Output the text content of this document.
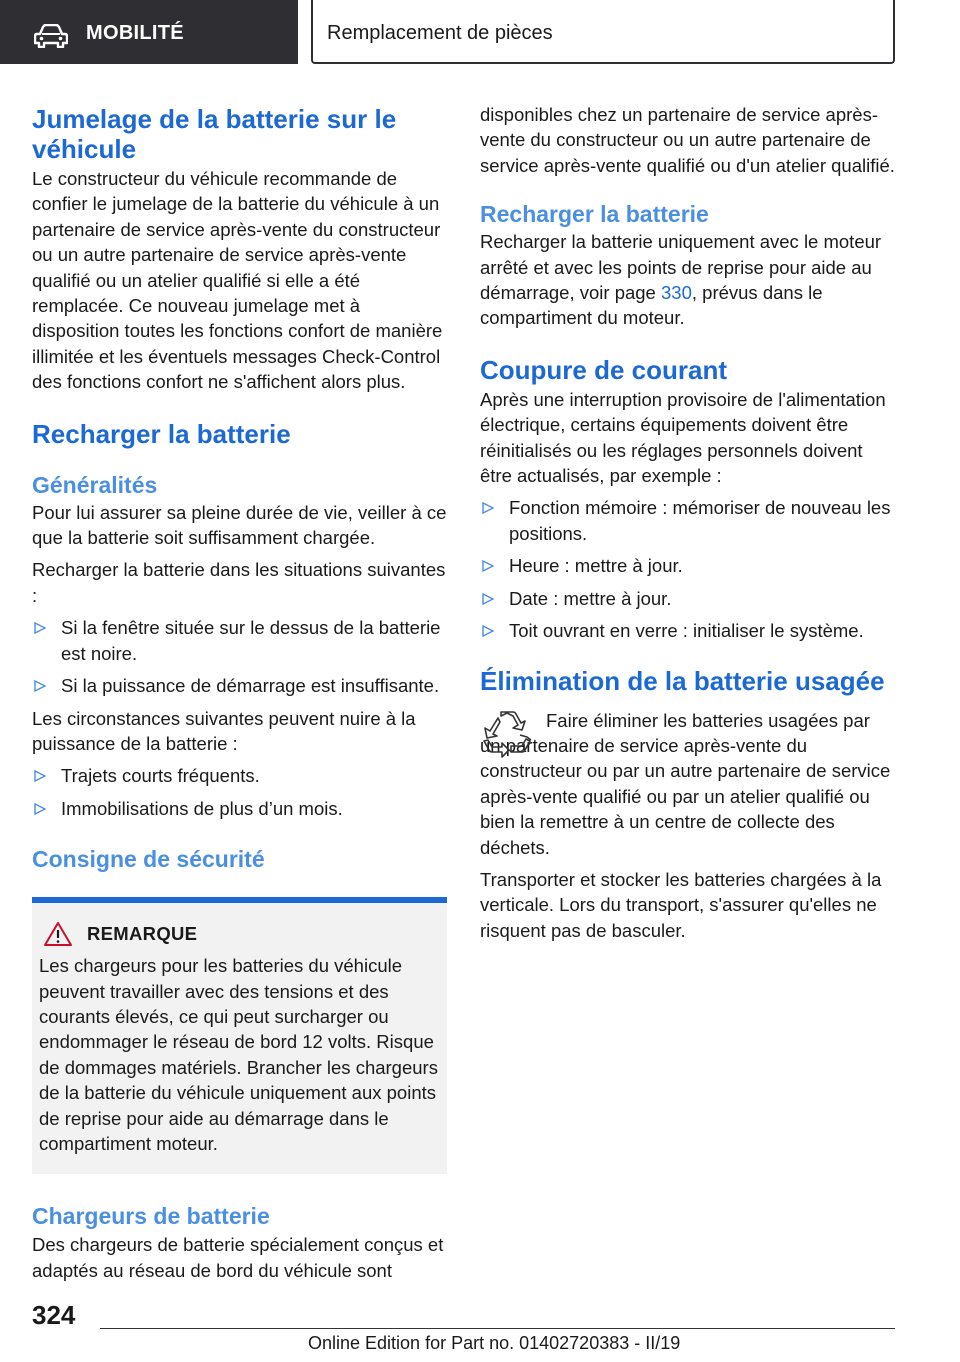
MOBILITÉ	Remplacement de pièces
Jumelage de la batterie sur le véhicule

Le constructeur du véhicule recommande de confier le jumelage de la batterie du véhicule à un partenaire de service après-vente du constructeur ou un autre partenaire de service après-vente qualifié ou un atelier qualifié si elle a été remplacée. Ce nouveau jumelage met à disposition toutes les fonctions confort de manière illimitée et les éventuels messages Check-Control des fonctions confort ne s'affichent alors plus.

Recharger la batterie
Généralités

Pour lui assurer sa pleine durée de vie, veiller à ce que la batterie soit suffisamment chargée.

Recharger la batterie dans les situations suivantes :

Si la fenêtre située sur le dessus de la batterie est noire.
Si la puissance de démarrage est insuffisante.

Les circonstances suivantes peuvent nuire à la puissance de la batterie :

Trajets courts fréquents.
Immobilisations de plus d’un mois.
Consigne de sécurité
REMARQUE

Les chargeurs pour les batteries du véhicule peuvent travailler avec des tensions et des courants élevés, ce qui peut surcharger ou endommager le réseau de bord 12 volts. Risque de dommages matériels. Brancher les chargeurs de la batterie du véhicule uniquement aux points de reprise pour aide au démarrage dans le compartiment moteur.

Chargeurs de batterie

Des chargeurs de batterie spécialement conçus et adaptés au réseau de bord du véhicule sont

disponibles chez un partenaire de service après-vente du constructeur ou un autre partenaire de service après-vente qualifié ou d'un atelier qualifié.

Recharger la batterie

Recharger la batterie uniquement avec le moteur arrêté et avec les points de reprise pour aide au démarrage, voir page 330, prévus dans le compartiment du moteur.

Coupure de courant

Après une interruption provisoire de l'alimentation électrique, certains équipements doivent être réinitialisés ou les réglages personnels doivent être actualisés, par exemple :

Fonction mémoire : mémoriser de nouveau les positions.
Heure : mettre à jour.
Date : mettre à jour.
Toit ouvrant en verre : initialiser le système.
Élimination de la batterie usagée

Faire éliminer les batteries usagées par un partenaire de service après-vente du constructeur ou par un autre partenaire de service après-vente qualifié ou par un atelier qualifié ou bien la remettre à un centre de collecte des déchets.

Transporter et stocker les batteries chargées à la verticale. Lors du transport, s'assurer qu'elles ne risquent pas de basculer.

324
Online Edition for Part no. 01402720383 - II/19
